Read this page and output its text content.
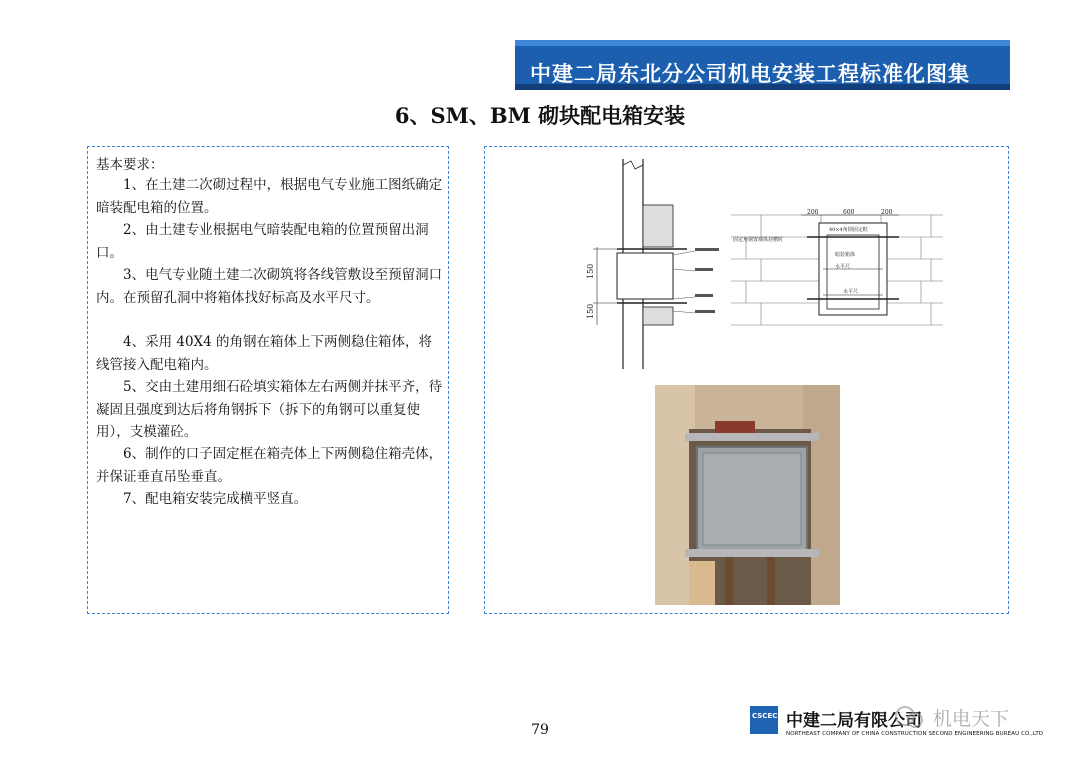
中建二局东北分公司机电安装工程标准化图集
6、SM、BM 砌块配电箱安装
基本要求：
1、在土建二次砌过程中，根据电气专业施工图纸确定暗装配电箱的位置。
2、由土建专业根据电气暗装配电箱的位置预留出洞口。
3、电气专业随土建二次砌筑将各线管敷设至预留洞口内。在预留孔洞中将箱体找好标高及水平尺寸。
4、采用 40X4 的角钢在箱体上下两侧稳住箱体，将线管接入配电箱内。
5、交由土建用细石砼填实箱体左右两侧并抹平齐，待凝固且强度到达后将角钢拆下（拆下的角钢可以重复使用），支模灌砼。
6、制作的口子固定框在箱壳体上下两侧稳住箱壳体，并保证垂直吊坠垂直。
7、配电箱安装完成横平竖直。
150
150
200	600	200
40×4角钢固定框
固定角钢置墙体封槽时
暗装箱体
水平尺
水平尺
79
CSCEC 中建二局有限公司
NORTHEAST COMPANY OF CHINA CONSTRUCTION SECOND ENGINEERING BUREAU CO.,LTD
机电天下
